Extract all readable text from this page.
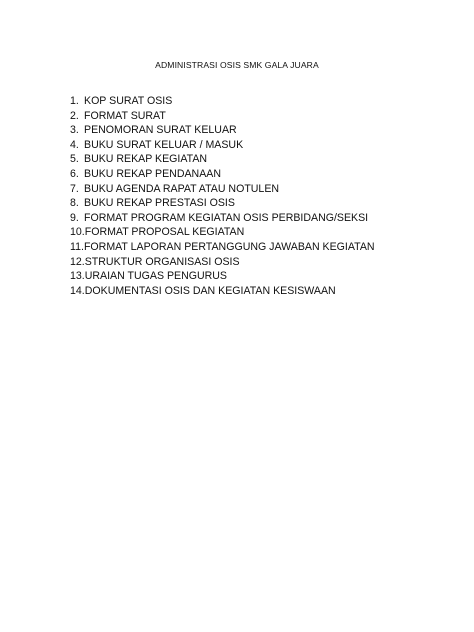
ADMINISTRASI OSIS SMK GALA JUARA
1. KOP SURAT OSIS
2. FORMAT SURAT
3. PENOMORAN SURAT KELUAR
4. BUKU SURAT KELUAR / MASUK
5. BUKU REKAP KEGIATAN
6. BUKU REKAP PENDANAAN
7. BUKU AGENDA RAPAT ATAU NOTULEN
8. BUKU REKAP PRESTASI OSIS
9. FORMAT PROGRAM KEGIATAN OSIS PERBIDANG/SEKSI
10. FORMAT PROPOSAL KEGIATAN
11. FORMAT LAPORAN PERTANGGUNG JAWABAN KEGIATAN
12. STRUKTUR ORGANISASI OSIS
13. URAIAN TUGAS PENGURUS
14. DOKUMENTASI OSIS DAN KEGIATAN KESISWAAN
